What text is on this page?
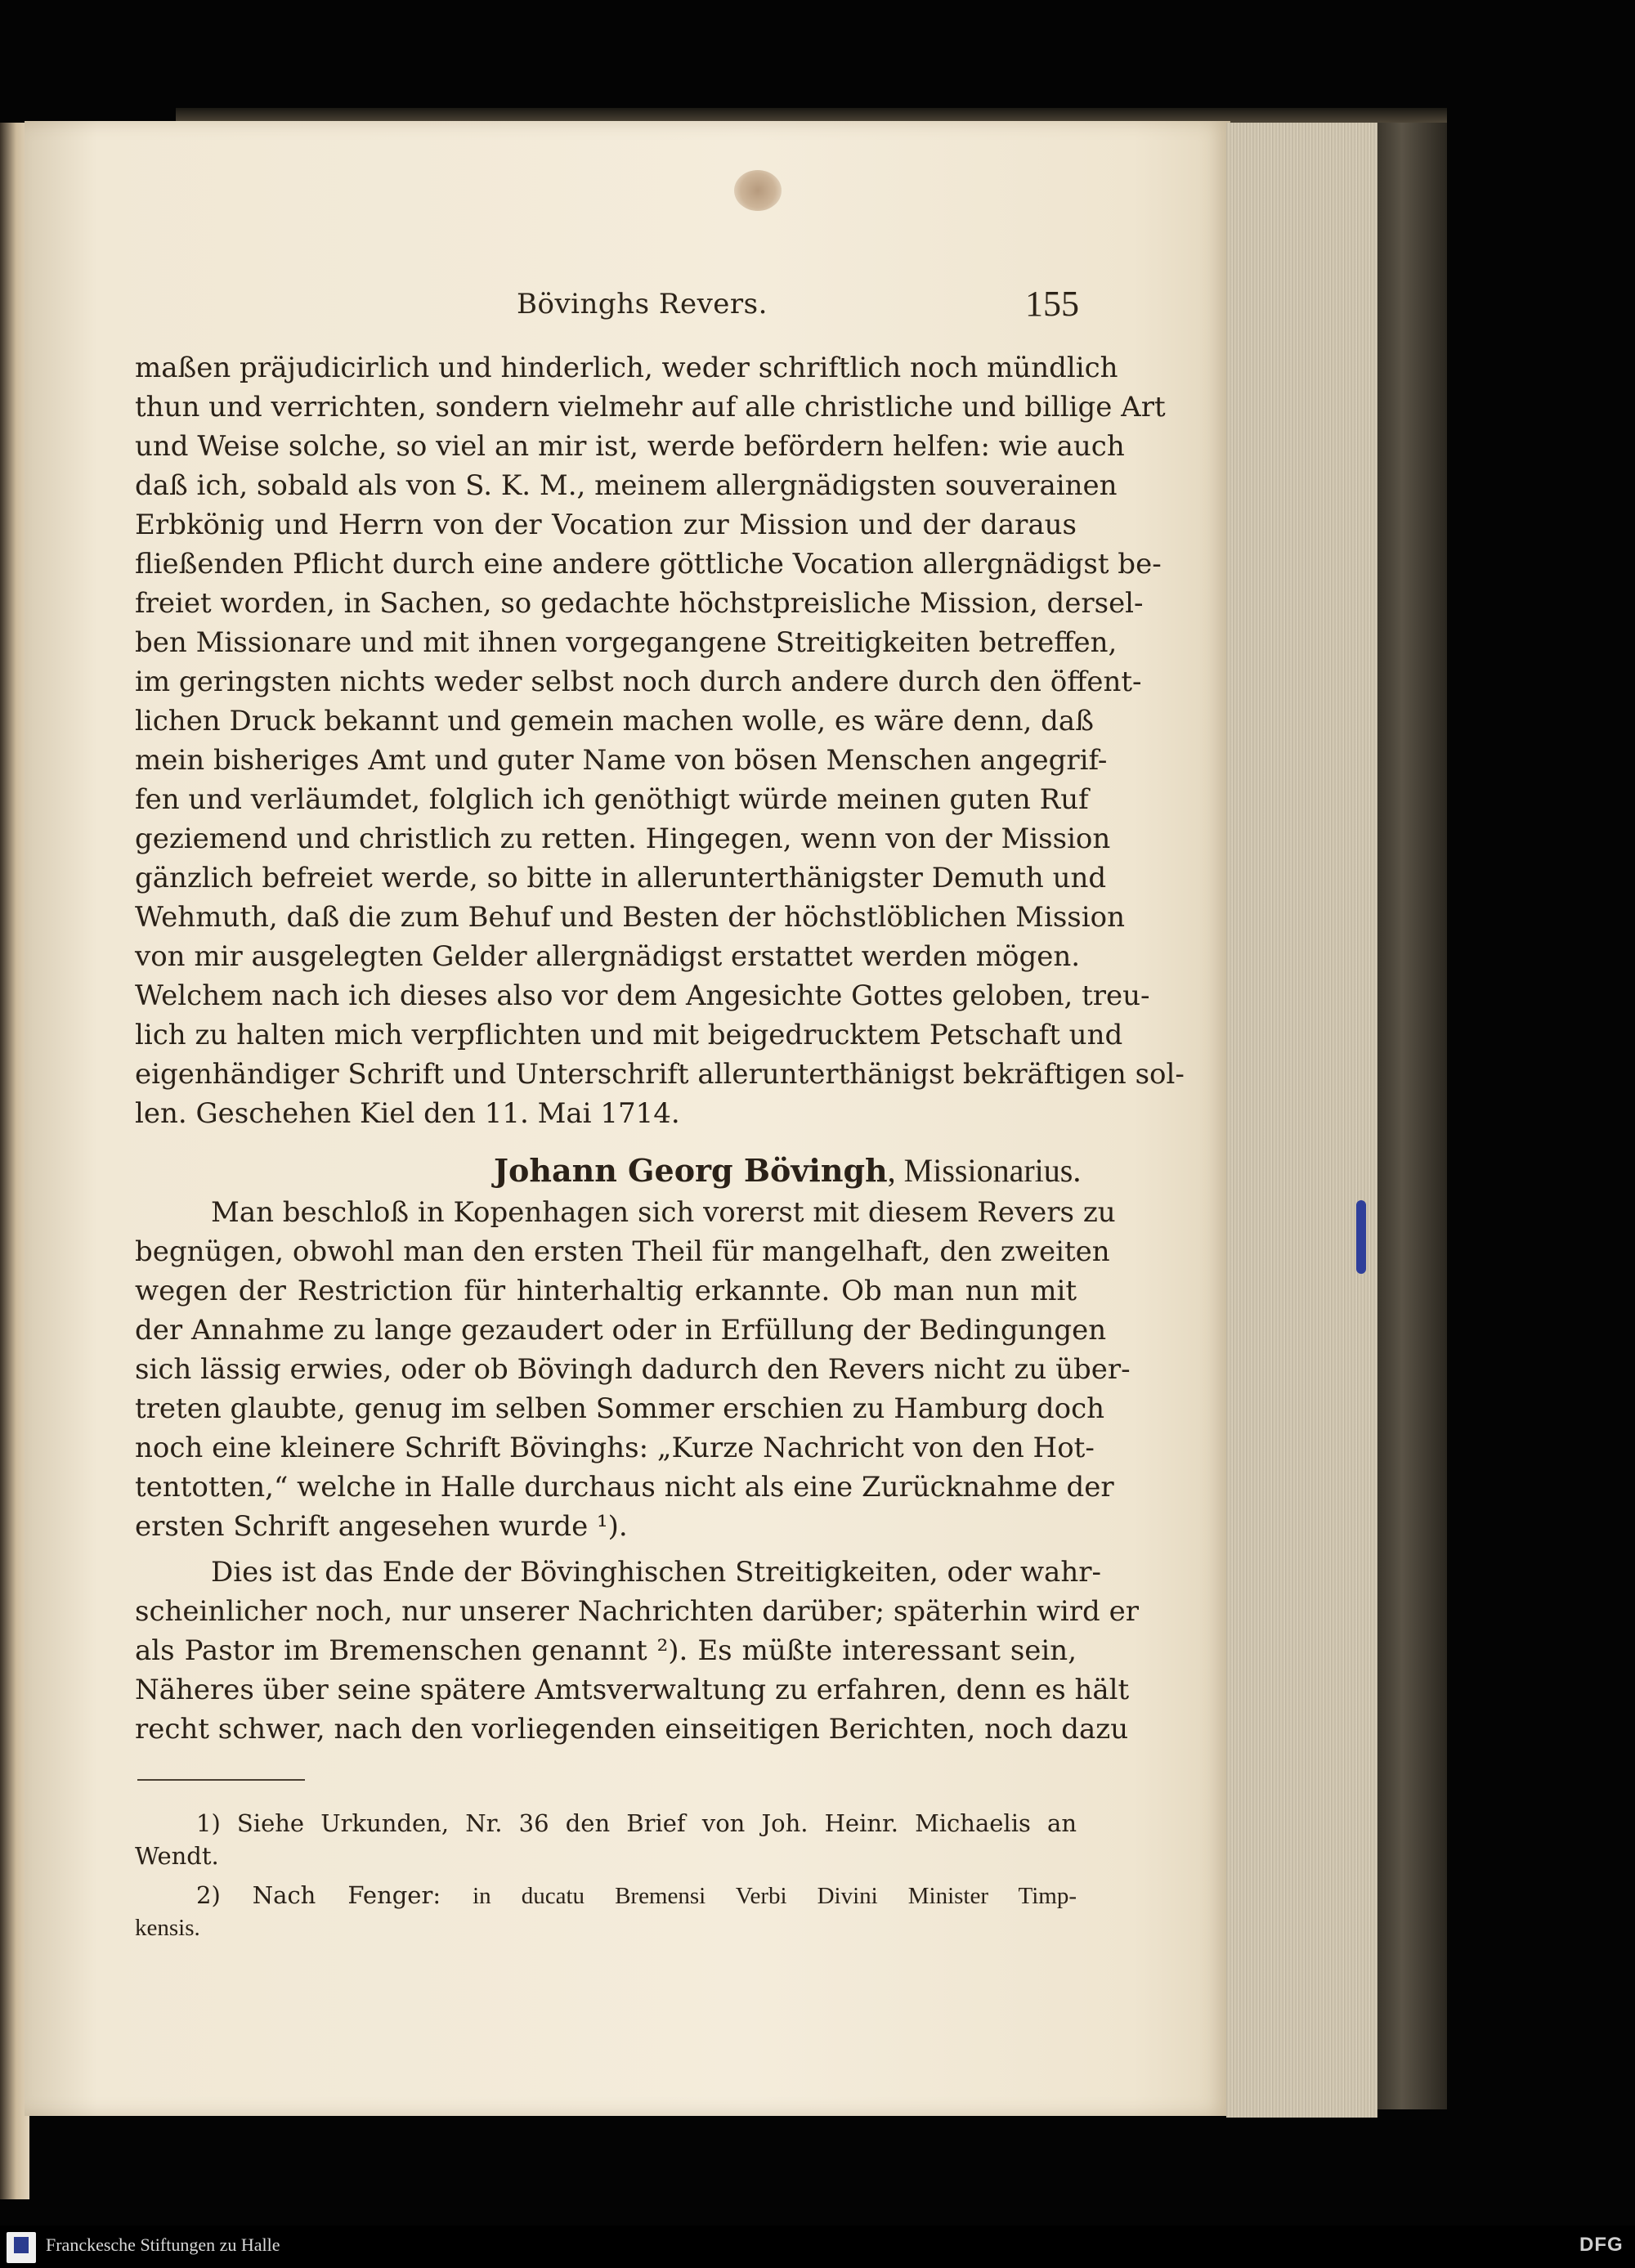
Bövinghs Revers.	155
maßen präjudicirlich und hinderlich, weder schriftlich noch mündlich
thun und verrichten, sondern vielmehr auf alle christliche und billige Art
und Weise solche, so viel an mir ist, werde befördern helfen: wie auch
daß ich, sobald als von S. K. M., meinem allergnädigsten souverainen
Erbkönig und Herrn von der Vocation zur Mission und der daraus
fließenden Pflicht durch eine andere göttliche Vocation allergnädigst be-
freiet worden, in Sachen, so gedachte höchstpreisliche Mission, dersel-
ben Missionare und mit ihnen vorgegangene Streitigkeiten betreffen,
im geringsten nichts weder selbst noch durch andere durch den öffent-
lichen Druck bekannt und gemein machen wolle, es wäre denn, daß
mein bisheriges Amt und guter Name von bösen Menschen angegrif-
fen und verläumdet, folglich ich genöthigt würde meinen guten Ruf
geziemend und christlich zu retten. Hingegen, wenn von der Mission
gänzlich befreiet werde, so bitte in allerunterthänigster Demuth und
Wehmuth, daß die zum Behuf und Besten der höchstlöblichen Mission
von mir ausgelegten Gelder allergnädigst erstattet werden mögen.
Welchem nach ich dieses also vor dem Angesichte Gottes geloben, treu-
lich zu halten mich verpflichten und mit beigedrucktem Petschaft und
eigenhändiger Schrift und Unterschrift allerunterthänigst bekräftigen sol-
len. Geschehen Kiel den 11. Mai 1714.
Johann Georg Bövingh, Missionarius.
Man beschloß in Kopenhagen sich vorerst mit diesem Revers zu
begnügen, obwohl man den ersten Theil für mangelhaft, den zweiten
wegen der Restriction für hinterhaltig erkannte. Ob man nun mit
der Annahme zu lange gezaudert oder in Erfüllung der Bedingungen
sich lässig erwies, oder ob Bövingh dadurch den Revers nicht zu über-
treten glaubte, genug im selben Sommer erschien zu Hamburg doch
noch eine kleinere Schrift Bövinghs: „Kurze Nachricht von den Hot-
tentotten,“ welche in Halle durchaus nicht als eine Zurücknahme der
ersten Schrift angesehen wurde ¹).
Dies ist das Ende der Bövinghischen Streitigkeiten, oder wahr-
scheinlicher noch, nur unserer Nachrichten darüber; späterhin wird er
als Pastor im Bremenschen genannt ²). Es müßte interessant sein,
Näheres über seine spätere Amtsverwaltung zu erfahren, denn es hält
recht schwer, nach den vorliegenden einseitigen Berichten, noch dazu
1) Siehe Urkunden, Nr. 36 den Brief von Joh. Heinr. Michaelis an
Wendt.
2) Nach Fenger: in ducatu Bremensi Verbi Divini Minister Timp-
kensis.
Franckesche Stiftungen zu Halle	DFG
